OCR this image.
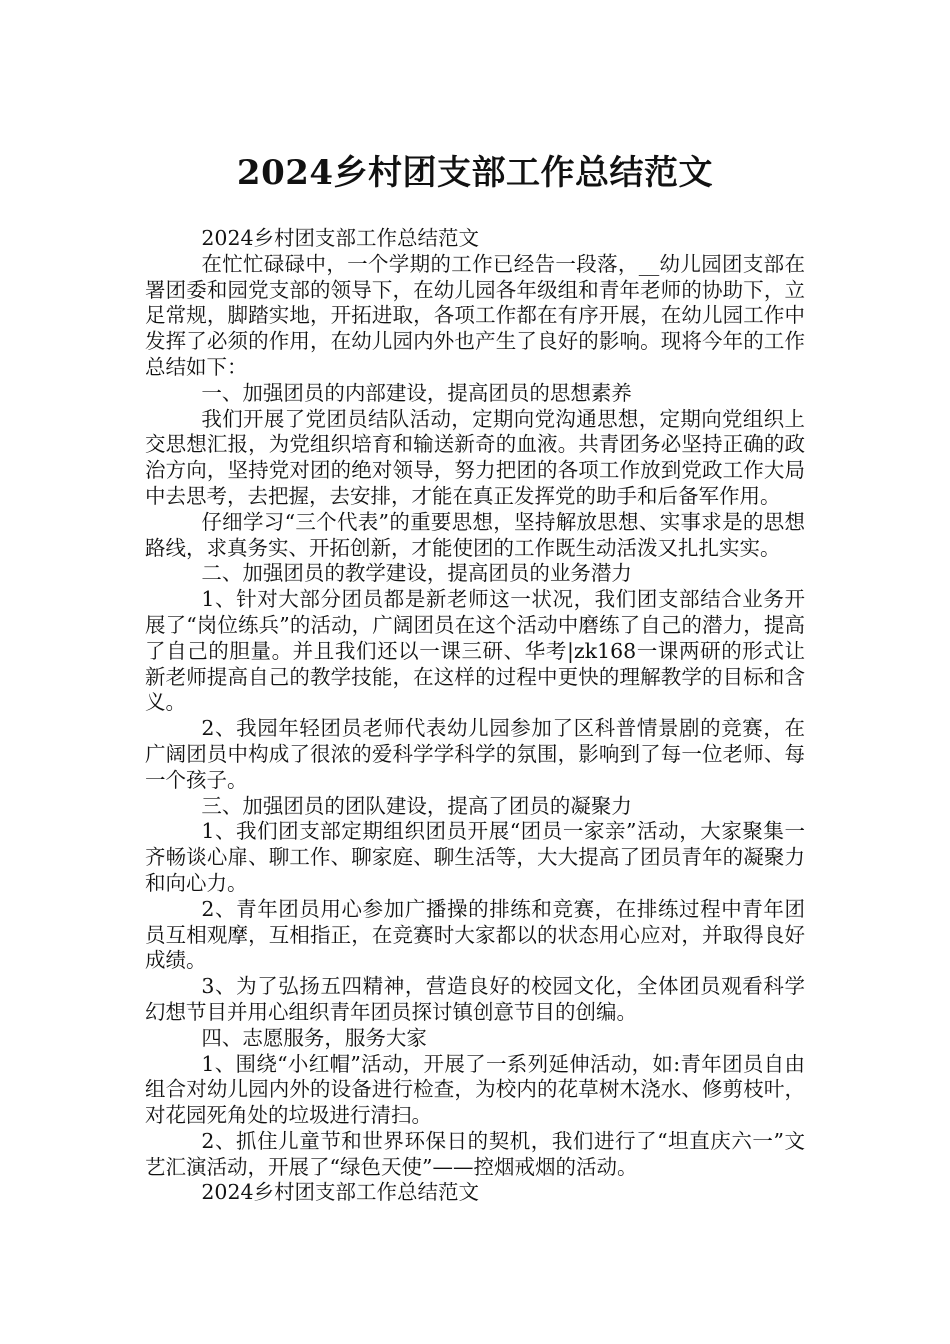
2024乡村团支部工作总结范文

2024乡村团支部工作总结范文

在忙忙碌碌中，一个学期的工作已经告一段落，__幼儿园团支部在署团委和园党支部的领导下，在幼儿园各年级组和青年老师的协助下，立足常规，脚踏实地，开拓进取，各项工作都在有序开展，在幼儿园工作中发挥了必须的作用，在幼儿园内外也产生了良好的影响。现将今年的工作总结如下：

一、加强团员的内部建设，提高团员的思想素养

我们开展了党团员结队活动，定期向党沟通思想，定期向党组织上交思想汇报，为党组织培育和输送新奇的血液。共青团务必坚持正确的政治方向，坚持党对团的绝对领导，努力把团的各项工作放到党政工作大局中去思考，去把握，去安排，才能在真正发挥党的助手和后备军作用。

仔细学习“三个代表”的重要思想，坚持解放思想、实事求是的思想路线，求真务实、开拓创新，才能使团的工作既生动活泼又扎扎实实。

二、加强团员的教学建设，提高团员的业务潜力

1、针对大部分团员都是新老师这一状况，我们团支部结合业务开展了“岗位练兵”的活动，广阔团员在这个活动中磨练了自己的潜力，提高了自己的胆量。并且我们还以一课三研、华考|zk168一课两研的形式让新老师提高自己的教学技能，在这样的过程中更快的理解教学的目标和含义。

2、我园年轻团员老师代表幼儿园参加了区科普情景剧的竞赛，在广阔团员中构成了很浓的爱科学学科学的氛围，影响到了每一位老师、每一个孩子。

三、加强团员的团队建设，提高了团员的凝聚力

1、我们团支部定期组织团员开展“团员一家亲”活动，大家聚集一齐畅谈心扉、聊工作、聊家庭、聊生活等，大大提高了团员青年的凝聚力和向心力。

2、青年团员用心参加广播操的排练和竞赛，在排练过程中青年团员互相观摩，互相指正，在竞赛时大家都以的状态用心应对，并取得良好成绩。

3、为了弘扬五四精神，营造良好的校园文化，全体团员观看科学幻想节目并用心组织青年团员探讨镇创意节目的创编。

四、志愿服务，服务大家

1、围绕“小红帽”活动，开展了一系列延伸活动，如:青年团员自由组合对幼儿园内外的设备进行检查，为校内的花草树木浇水、修剪枝叶，对花园死角处的垃圾进行清扫。

2、抓住儿童节和世界环保日的契机，我们进行了“坦直庆六一”文艺汇演活动，开展了“绿色天使”——控烟戒烟的活动。

2024乡村团支部工作总结范文
